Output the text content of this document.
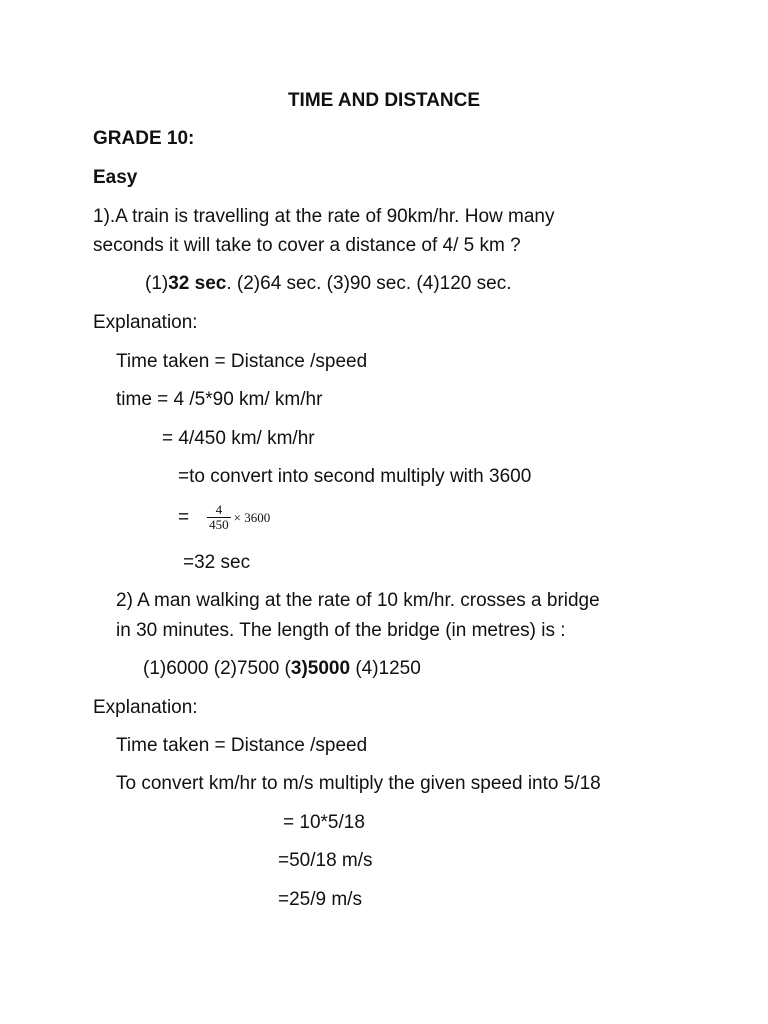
TIME AND DISTANCE
GRADE 10:
Easy
1).A train is travelling at the rate of 90km/hr. How many
seconds it will take to cover a distance of 4/ 5 km ?
(1)32 sec. (2)64 sec. (3)90 sec. (4)120 sec.
Explanation:
Time taken = Distance /speed
time = 4 /5*90 km/ km/hr
= 4/450 km/ km/hr
=to convert into second multiply with 3600
= $\frac{4}{450} \times 3600$
=32 sec
2) A man walking at the rate of 10 km/hr. crosses a bridge
in 30 minutes. The length of the bridge (in metres) is :
(1)6000 (2)7500 (3)5000 (4)1250
Explanation:
Time taken = Distance /speed
To convert km/hr to m/s multiply the given speed into 5/18
= 10*5/18
=50/18 m/s
=25/9 m/s
